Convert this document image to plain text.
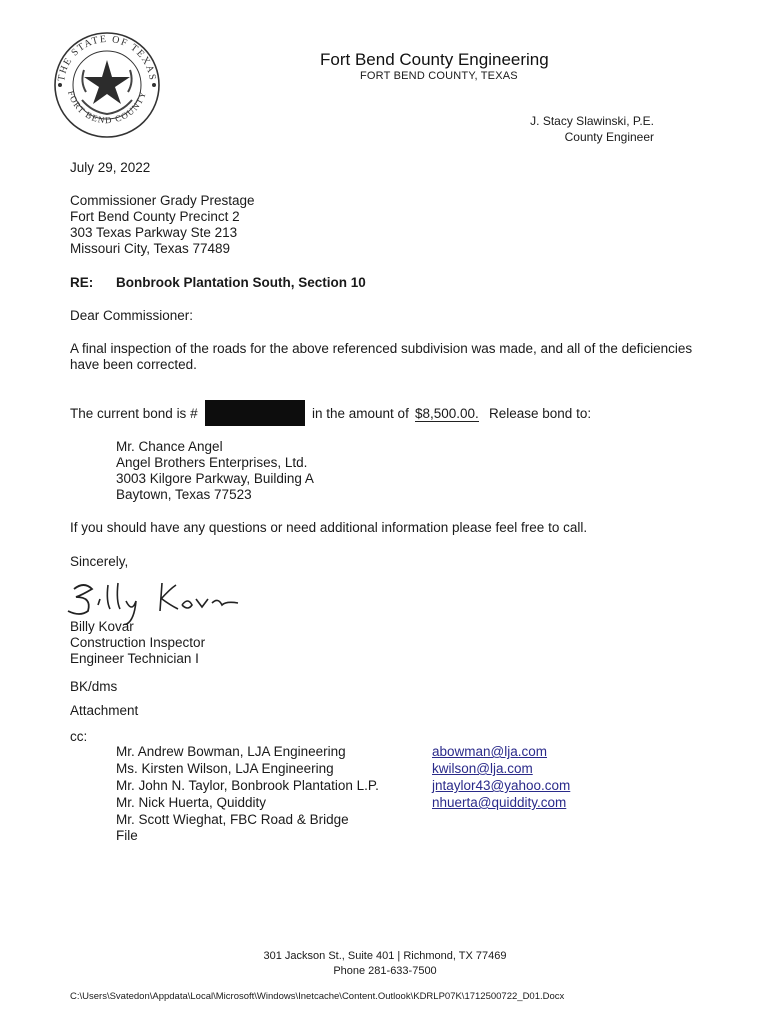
THE STATE OF TEXAS
FORT BEND COUNTY
Fort Bend County Engineering
FORT BEND COUNTY, TEXAS
J. Stacy Slawinski, P.E.
County Engineer
July 29, 2022
Commissioner Grady Prestage
Fort Bend County Precinct 2
303 Texas Parkway Ste 213
Missouri City, Texas 77489
RE: Bonbrook Plantation South, Section 10
Dear Commissioner:
A final inspection of the roads for the above referenced subdivision was made, and all of the deficiencies
have been corrected.
The current bond is #	in the amount of $8,500.00. Release bond to:
Mr. Chance Angel
Angel Brothers Enterprises, Ltd.
3003 Kilgore Parkway, Building A
Baytown, Texas 77523
If you should have any questions or need additional information please feel free to call.
Sincerely,
Billy Kovar
Construction Inspector
Engineer Technician I
BK/dms
Attachment
cc:
Mr. Andrew Bowman, LJA Engineering
Ms. Kirsten Wilson, LJA Engineering
Mr. John N. Taylor, Bonbrook Plantation L.P.
Mr. Nick Huerta, Quiddity
Mr. Scott Wieghat, FBC Road & Bridge
File
abowman@lja.com
kwilson@lja.com
jntaylor43@yahoo.com
nhuerta@quiddity.com
301 Jackson St., Suite 401 | Richmond, TX 77469
Phone 281-633-7500
C:\Users\Svatedon\Appdata\Local\Microsoft\Windows\Inetcache\Content.Outlook\KDRLP07K\1712500722_D01.Docx
